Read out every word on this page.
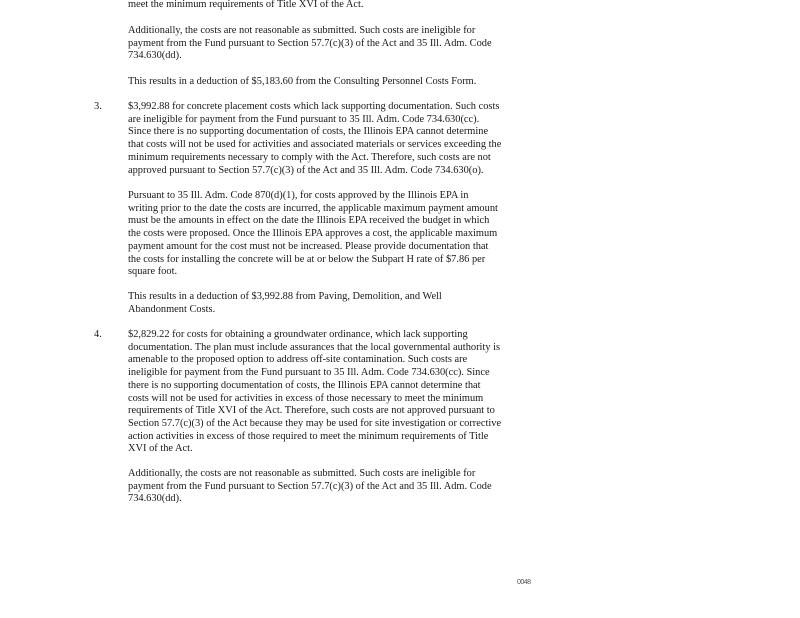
meet the minimum requirements of Title XVI of the Act.
Additionally, the costs are not reasonable as submitted. Such costs are ineligible for
payment from the Fund pursuant to Section 57.7(c)(3) of the Act and 35 Ill. Adm. Code
734.630(dd).
This results in a deduction of $5,183.60 from the Consulting Personnel Costs Form.
3.	$3,992.88 for concrete placement costs which lack supporting documentation. Such costs
are ineligible for payment from the Fund pursuant to 35 Ill. Adm. Code 734.630(cc).
Since there is no supporting documentation of costs, the Illinois EPA cannot determine
that costs will not be used for activities and associated materials or services exceeding the
minimum requirements necessary to comply with the Act. Therefore, such costs are not
approved pursuant to Section 57.7(c)(3) of the Act and 35 Ill. Adm. Code 734.630(o).
Pursuant to 35 Ill. Adm. Code 870(d)(1), for costs approved by the Illinois EPA in
writing prior to the date the costs are incurred, the applicable maximum payment amount
must be the amounts in effect on the date the Illinois EPA received the budget in which
the costs were proposed. Once the Illinois EPA approves a cost, the applicable maximum
payment amount for the cost must not be increased. Please provide documentation that
the costs for installing the concrete will be at or below the Subpart H rate of $7.86 per
square foot.
This results in a deduction of $3,992.88 from Paving, Demolition, and Well
Abandonment Costs.
4.	$2,829.22 for costs for obtaining a groundwater ordinance, which lack supporting
documentation. The plan must include assurances that the local governmental authority is
amenable to the proposed option to address off-site contamination. Such costs are
ineligible for payment from the Fund pursuant to 35 Ill. Adm. Code 734.630(cc). Since
there is no supporting documentation of costs, the Illinois EPA cannot determine that
costs will not be used for activities in excess of those necessary to meet the minimum
requirements of Title XVI of the Act. Therefore, such costs are not approved pursuant to
Section 57.7(c)(3) of the Act because they may be used for site investigation or corrective
action activities in excess of those required to meet the minimum requirements of Title
XVI of the Act.
Additionally, the costs are not reasonable as submitted. Such costs are ineligible for
payment from the Fund pursuant to Section 57.7(c)(3) of the Act and 35 Ill. Adm. Code
734.630(dd).
0048
